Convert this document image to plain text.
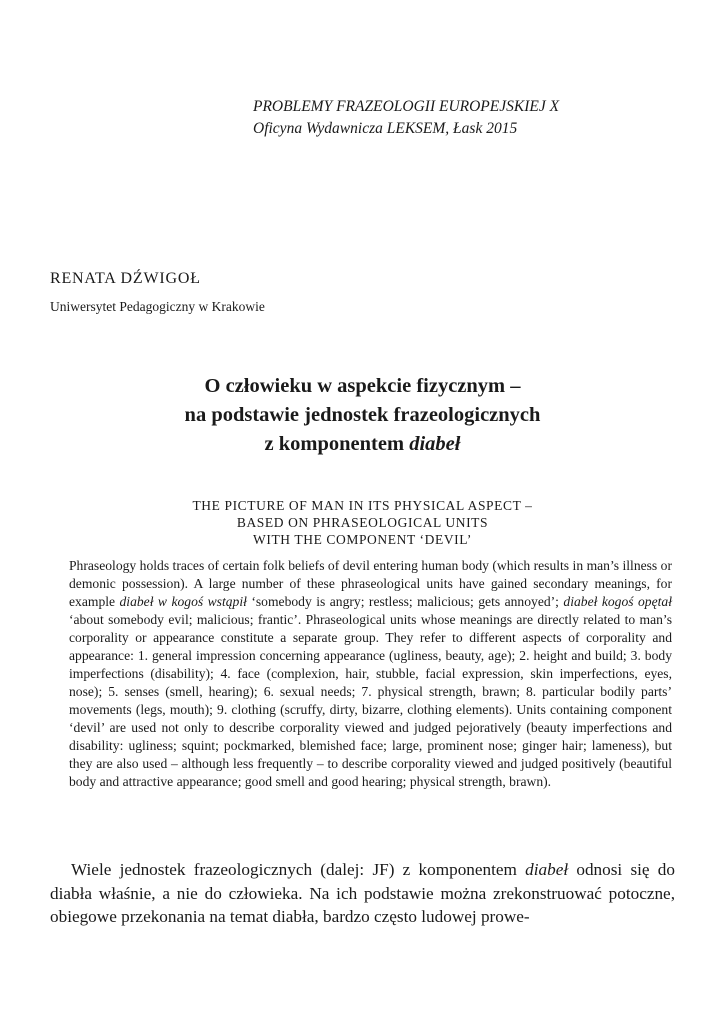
PROBLEMY FRAZEOLOGII EUROPEJSKIEJ X
Oficyna Wydawnicza LEKSEM, Łask 2015
RENATA DŹWIGOŁ
Uniwersytet Pedagogiczny w Krakowie
O człowieku w aspekcie fizycznym –
na podstawie jednostek frazeologicznych
z komponentem diabeł
THE PICTURE OF MAN IN ITS PHYSICAL ASPECT –
BASED ON PHRASEOLOGICAL UNITS
WITH THE COMPONENT ‘DEVIL’

Phraseology holds traces of certain folk beliefs of devil entering human body (which results in man’s illness or demonic possession). A large number of these phraseological units have gained secondary meanings, for example diabeł w kogoś wstąpił ‘somebody is angry; restless; malicious; gets annoyed’; diabeł kogoś opętał ‘about somebody evil; malicious; frantic’. Phraseological units whose meanings are directly related to man’s corporality or appearance constitute a separate group. They refer to different aspects of corporality and appearance: 1. general impression concerning appearance (ugliness, beauty, age); 2. height and build; 3. body imperfections (disability); 4. face (complexion, hair, stubble, facial expression, skin imperfections, eyes, nose); 5. senses (smell, hearing); 6. sexual needs; 7. physical strength, brawn; 8. particular bodily parts’ movements (legs, mouth); 9. clothing (scruffy, dirty, bizarre, clothing elements). Units containing component ‘devil’ are used not only to describe corporality viewed and judged pejoratively (beauty imperfections and disability: ugliness; squint; pockmarked, blemished face; large, prominent nose; ginger hair; lameness), but they are also used – although less frequently – to describe corporality viewed and judged positively (beautiful body and attractive appearance; good smell and good hearing; physical strength, brawn).

Wiele jednostek frazeologicznych (dalej: JF) z komponentem diabeł odnosi się do diabła właśnie, a nie do człowieka. Na ich podstawie można zrekonstruować potoczne, obiegowe przekonania na temat diabła, bardzo często ludowej prowe-
